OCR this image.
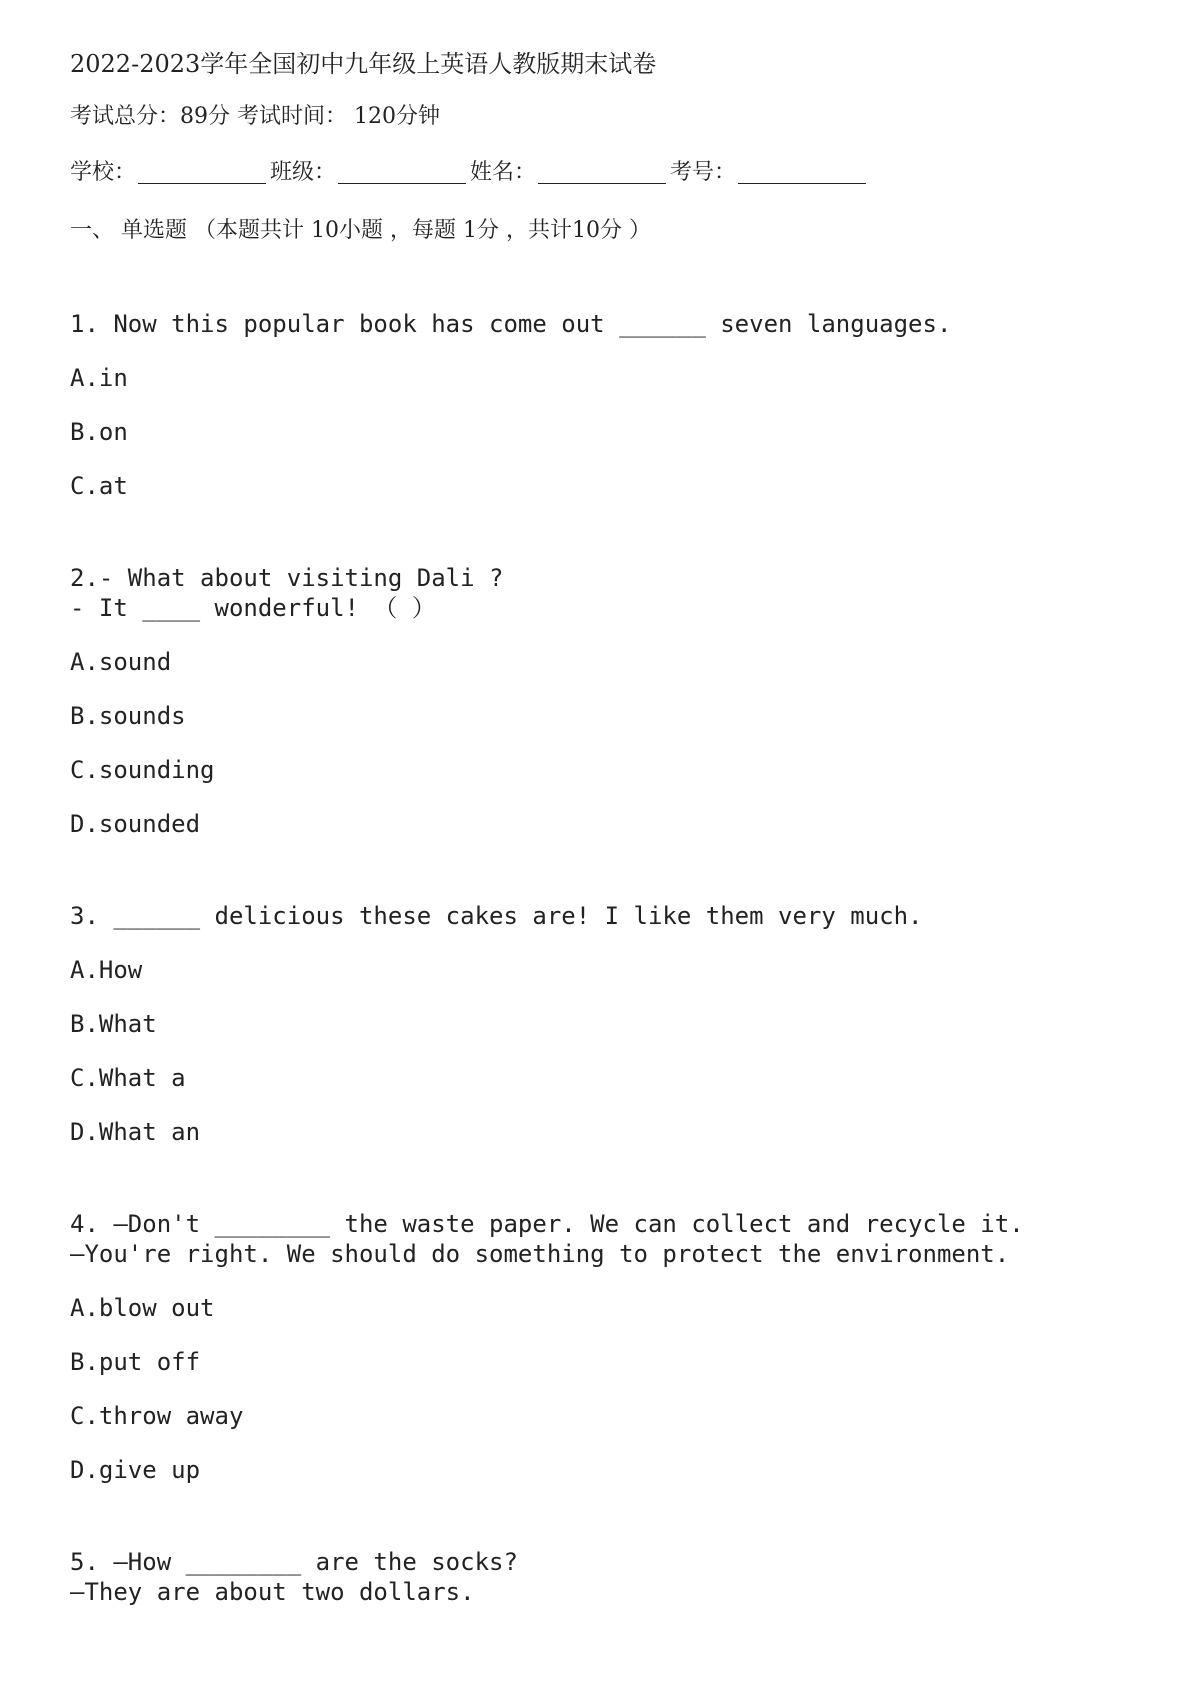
2022-2023学年全国初中九年级上英语人教版期末试卷
考试总分：89分 考试时间： 120分钟
学校：	班级：	姓名：	考号：
一、 单选题 （本题共计 10小题 ，每题 1分 ，共计10分 ）
1. Now this popular book has come out ______ seven languages.
A.in
B.on
C.at
2.- What about visiting Dali ?
- It ____ wonderful! （ ）
A.sound
B.sounds
C.sounding
D.sounded
3. ______ delicious these cakes are! I like them very much.
A.How
B.What
C.What a
D.What an
4. —Don't ________ the waste paper. We can collect and recycle it.
—You're right. We should do something to protect the environment.
A.blow out
B.put off
C.throw away
D.give up
5. —How ________ are the socks?
—They are about two dollars.
